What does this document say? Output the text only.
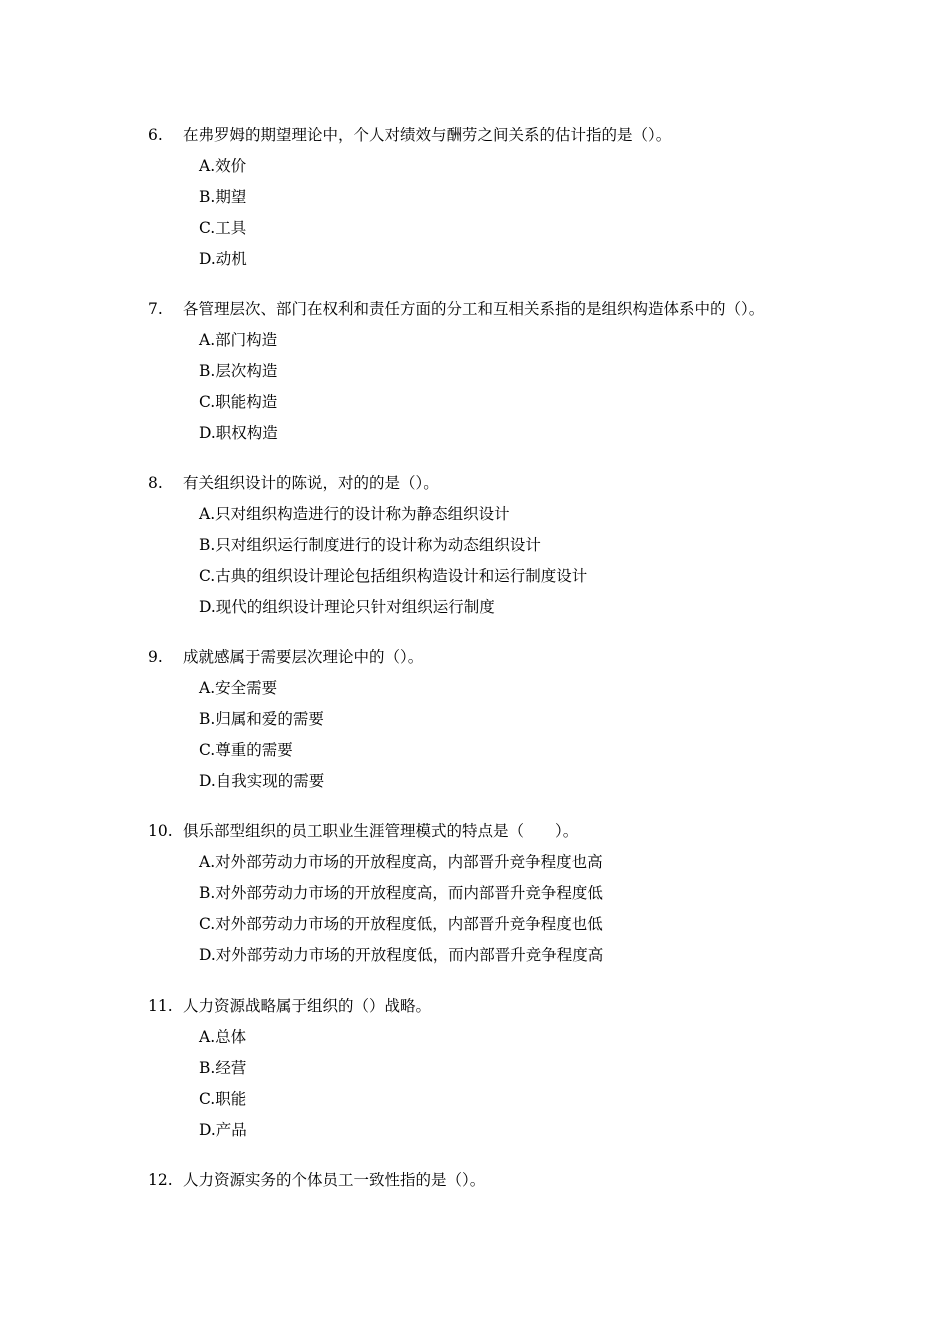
6.	在弗罗姆的期望理论中，个人对绩效与酬劳之间关系的估计指的是（）。
A.效价
B.期望
C.工具
D.动机
7.	各管理层次、部门在权利和责任方面的分工和互相关系指的是组织构造体系中的（）。
A.部门构造
B.层次构造
C.职能构造
D.职权构造
8.	有关组织设计的陈说，对的的是（）。
A.只对组织构造进行的设计称为静态组织设计
B.只对组织运行制度进行的设计称为动态组织设计
C.古典的组织设计理论包括组织构造设计和运行制度设计
D.现代的组织设计理论只针对组织运行制度
9.	成就感属于需要层次理论中的（）。
A.安全需要
B.归属和爱的需要
C.尊重的需要
D.自我实现的需要
10. 俱乐部型组织的员工职业生涯管理模式的特点是（　　）。
A.对外部劳动力市场的开放程度高，内部晋升竞争程度也高
B.对外部劳动力市场的开放程度高，而内部晋升竞争程度低
C.对外部劳动力市场的开放程度低，内部晋升竞争程度也低
D.对外部劳动力市场的开放程度低，而内部晋升竞争程度高
11. 人力资源战略属于组织的（）战略。
A.总体
B.经营
C.职能
D.产品
12. 人力资源实务的个体员工一致性指的是（）。
